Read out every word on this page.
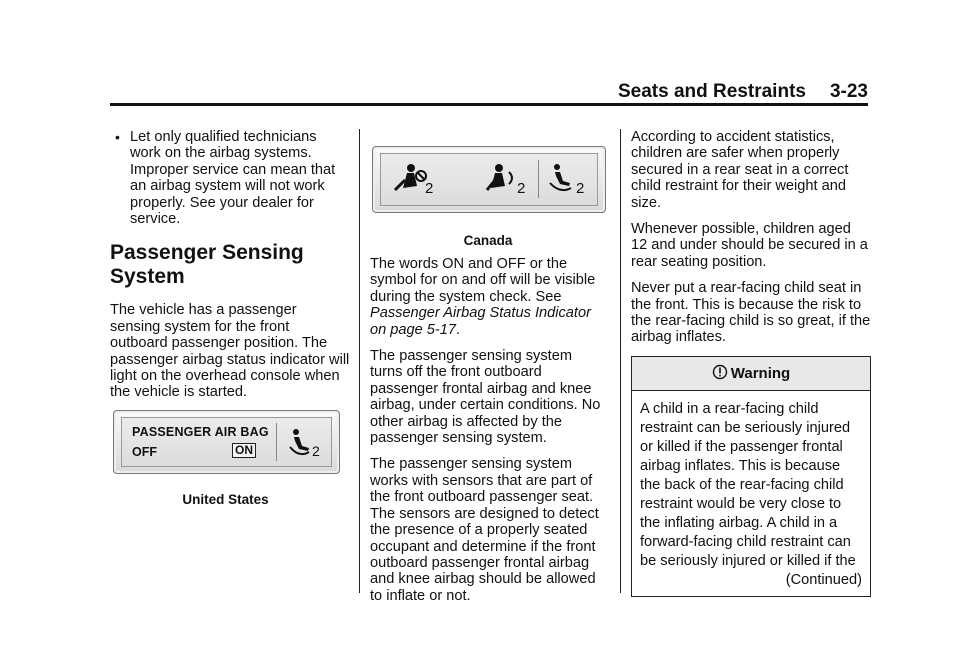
Seats and Restraints 3-23
• Let only qualified technicians work on the airbag systems. Improper service can mean that an airbag system will not work properly. See your dealer for service.
Passenger Sensing System

The vehicle has a passenger sensing system for the front outboard passenger position. The passenger airbag status indicator will light on the overhead console when the vehicle is started.

PASSENGER AIR BAG
OFF	ON	2
United States
2	2	2
Canada

The words ON and OFF or the symbol for on and off will be visible during the system check. See Passenger Airbag Status Indicator on page 5-17.

The passenger sensing system turns off the front outboard passenger frontal airbag and knee airbag, under certain conditions. No other airbag is affected by the passenger sensing system.

The passenger sensing system works with sensors that are part of the front outboard passenger seat. The sensors are designed to detect the presence of a properly seated occupant and determine if the front outboard passenger frontal airbag and knee airbag should be allowed to inflate or not.

According to accident statistics, children are safer when properly secured in a rear seat in a correct child restraint for their weight and size.

Whenever possible, children aged 12 and under should be secured in a rear seating position.

Never put a rear-facing child seat in the front. This is because the risk to the rear-facing child is so great, if the airbag inflates.

Warning
A child in a rear-facing child restraint can be seriously injured or killed if the passenger frontal airbag inflates. This is because the back of the rear-facing child restraint would be very close to the inflating airbag. A child in a forward-facing child restraint can be seriously injured or killed if the
(Continued)
